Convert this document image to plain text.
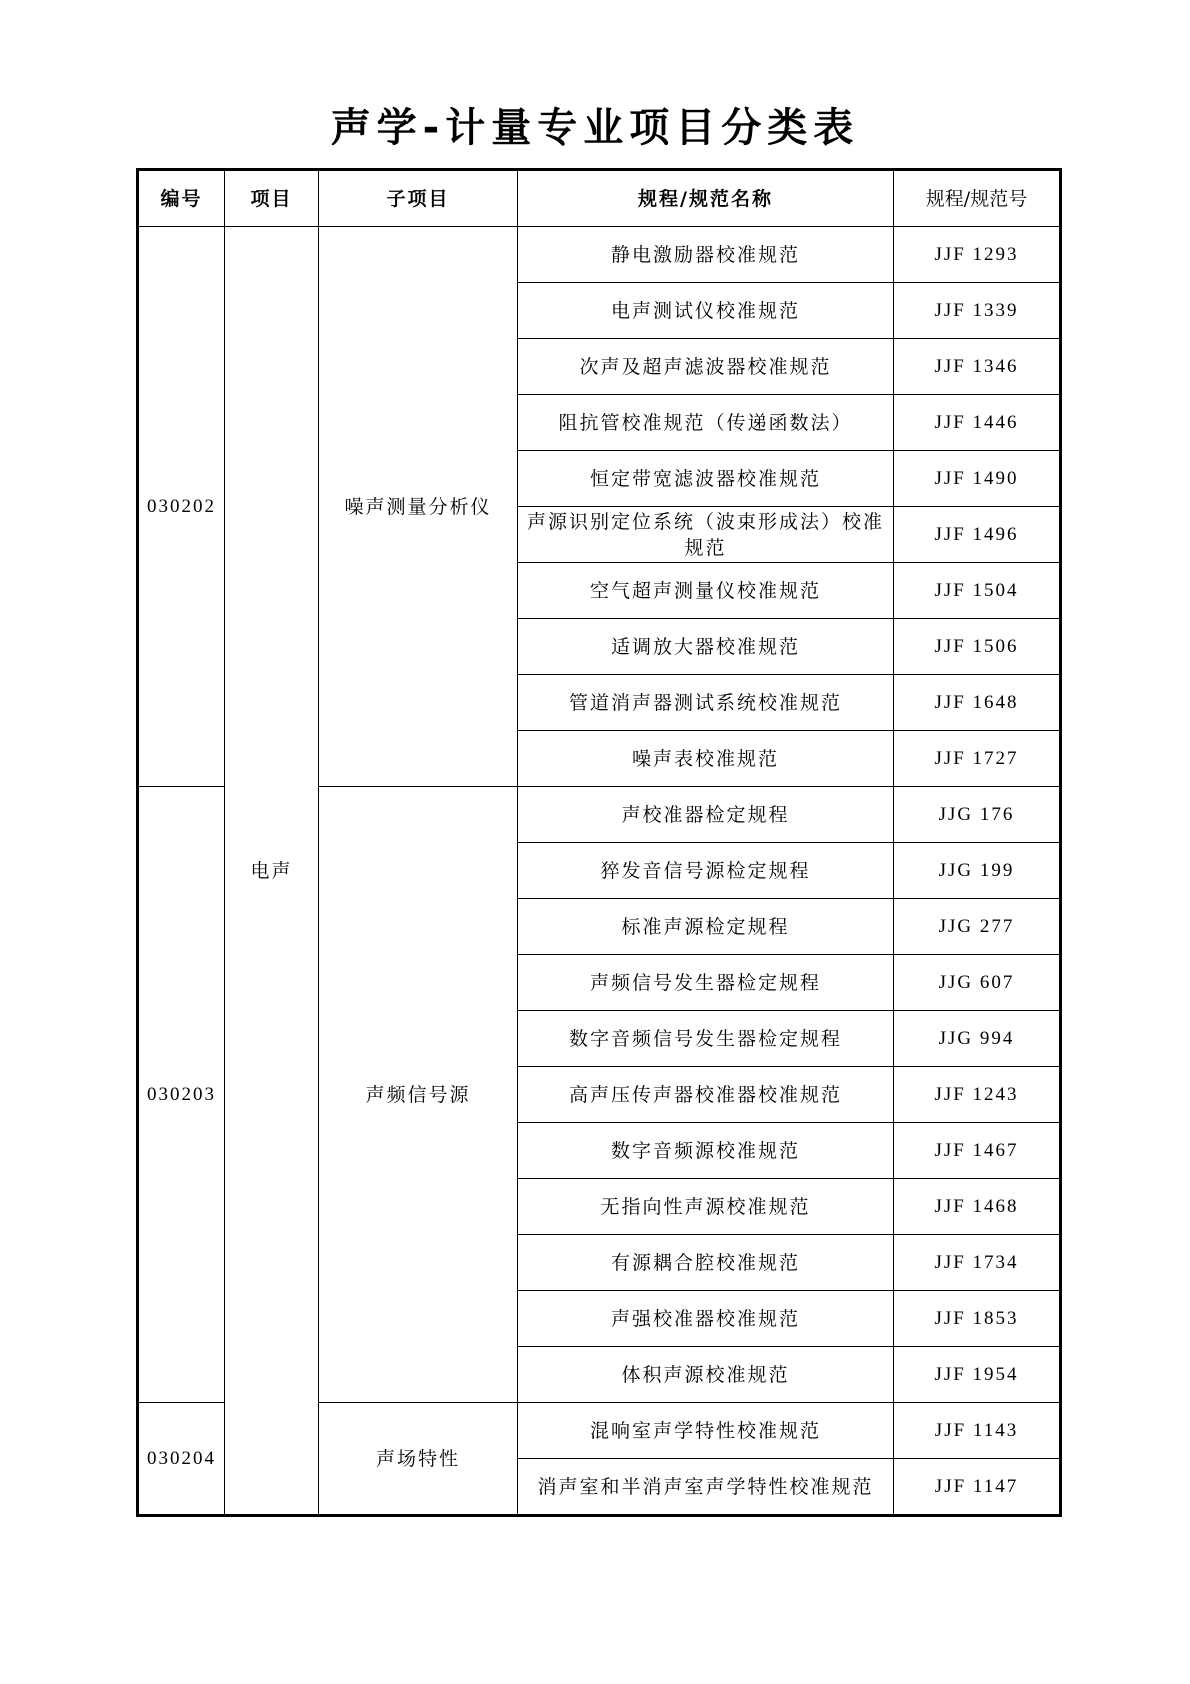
声学-计量专业项目分类表
编号	项目	子项目	规程/规范名称	规程/规范号
030202	电声	噪声测量分析仪	静电激励器校准规范	JJF 1293
			电声测试仪校准规范	JJF 1339
			次声及超声滤波器校准规范	JJF 1346
			阻抗管校准规范（传递函数法）	JJF 1446
			恒定带宽滤波器校准规范	JJF 1490
			声源识别定位系统（波束形成法）校准规范	JJF 1496
			空气超声测量仪校准规范	JJF 1504
			适调放大器校准规范	JJF 1506
			管道消声器测试系统校准规范	JJF 1648
			噪声表校准规范	JJF 1727
030203		声频信号源	声校准器检定规程	JJG 176
			猝发音信号源检定规程	JJG 199
			标准声源检定规程	JJG 277
			声频信号发生器检定规程	JJG 607
			数字音频信号发生器检定规程	JJG 994
			高声压传声器校准器校准规范	JJF 1243
			数字音频源校准规范	JJF 1467
			无指向性声源校准规范	JJF 1468
			有源耦合腔校准规范	JJF 1734
			声强校准器校准规范	JJF 1853
			体积声源校准规范	JJF 1954
030204		声场特性	混响室声学特性校准规范	JJF 1143
			消声室和半消声室声学特性校准规范	JJF 1147
